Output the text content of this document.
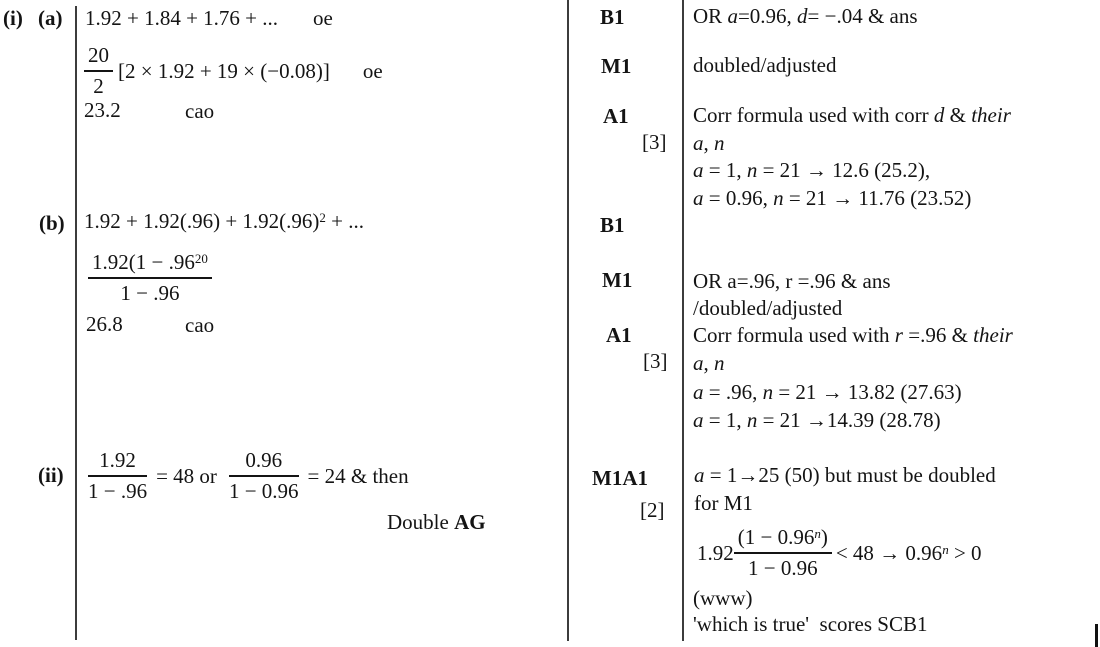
(i) (a)
(b)
(ii)
1.92 + 1.84 + 1.76 + ... oe
$\frac{20}{2} [2 \times 1.92 + 19 \times (-0.08)]$ oe
23.2	cao
$1.92 + 1.92(.96) + 1.92(.96)^2$ + ...
$\frac{1.92(1 - .96^{20}}{1 - .96}$
26.8	cao
$\frac{1.92}{1 - .96} = 48$ or $\frac{0.96}{1 - 0.96} = 24$ & then
Double AG
B1
M1
A1
[3]
B1
M1
A1
[3]
M1A1
[2]
OR a=0.96, d= −.04 & ans
doubled/adjusted
Corr formula used with corr d & their
a, n
a = 1, n = 21 → 12.6 (25.2),
a = 0.96, n = 21 → 11.76 (23.52)
OR a=.96, r =.96 & ans
/doubled/adjusted
Corr formula used with r =.96 & their
a, n
a = .96, n = 21 → 13.82 (27.63)
a = 1, n = 21 →14.39 (28.78)
a = 1→25 (50) but must be doubled
for M1
$1.92 \frac{(1 - 0.96^n)}{1 - 0.96} < 48 \to 0.96^n > 0$
(www)
'which is true'  scores SCB1
